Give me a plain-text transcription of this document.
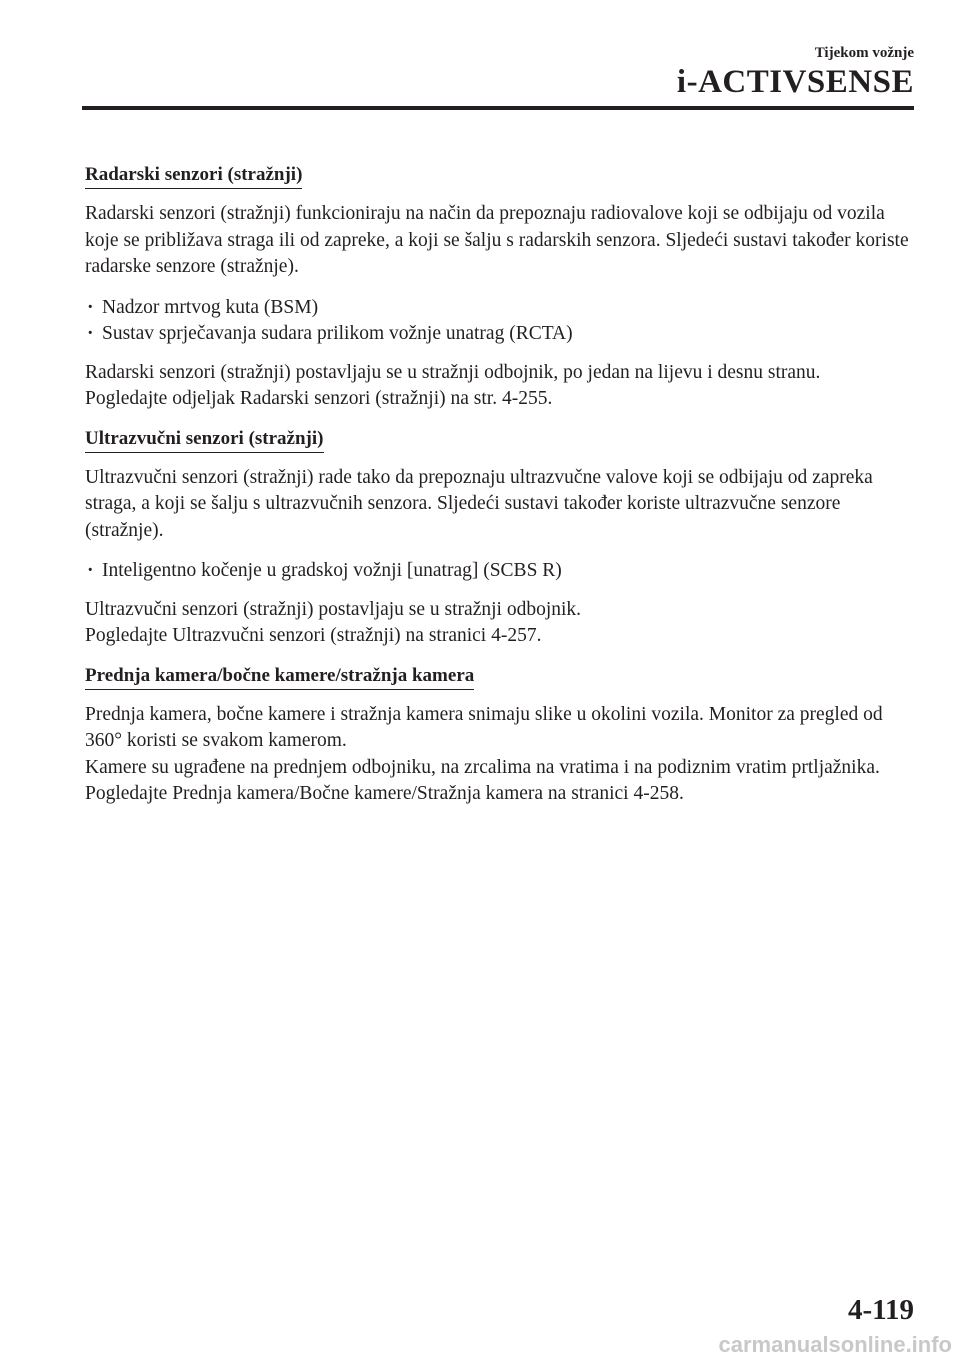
Tijekom vožnje
i-ACTIVSENSE
Radarski senzori (stražnji)

Radarski senzori (stražnji) funkcioniraju na način da prepoznaju radiovalove koji se odbijaju od vozila koje se približava straga ili od zapreke, a koji se šalju s radarskih senzora. Sljedeći sustavi također koriste radarske senzore (stražnje).

· Nadzor mrtvog kuta (BSM)
· Sustav sprječavanja sudara prilikom vožnje unatrag (RCTA)

Radarski senzori (stražnji) postavljaju se u stražnji odbojnik, po jedan na lijevu i desnu stranu.
Pogledajte odjeljak Radarski senzori (stražnji) na str. 4-255.

Ultrazvučni senzori (stražnji)

Ultrazvučni senzori (stražnji) rade tako da prepoznaju ultrazvučne valove koji se odbijaju od zapreka straga, a koji se šalju s ultrazvučnih senzora. Sljedeći sustavi također koriste ultrazvučne senzore (stražnje).

· Inteligentno kočenje u gradskoj vožnji [unatrag] (SCBS R)

Ultrazvučni senzori (stražnji) postavljaju se u stražnji odbojnik.
Pogledajte Ultrazvučni senzori (stražnji) na stranici 4-257.

Prednja kamera/bočne kamere/stražnja kamera

Prednja kamera, bočne kamere i stražnja kamera snimaju slike u okolini vozila. Monitor za pregled od 360° koristi se svakom kamerom.
Kamere su ugrađene na prednjem odbojniku, na zrcalima na vratima i na podiznim vratim prtljažnika.
Pogledajte Prednja kamera/Bočne kamere/Stražnja kamera na stranici 4-258.

4-119
carmanualsonline.info
